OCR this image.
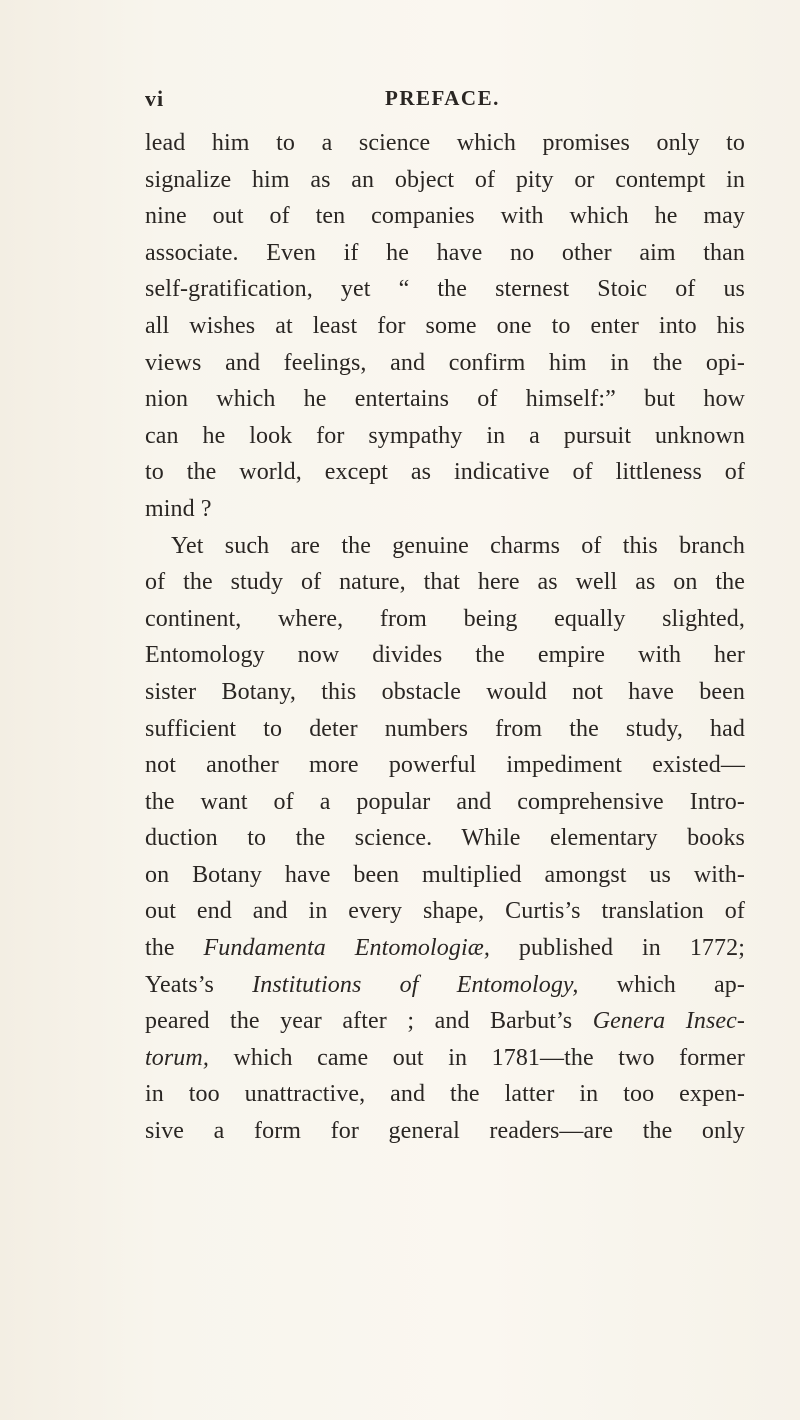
vi	PREFACE.
lead him to a science which promises only to
signalize him as an object of pity or contempt in
nine out of ten companies with which he may
associate. Even if he have no other aim than
self-gratification, yet “ the sternest Stoic of us
all wishes at least for some one to enter into his
views and feelings, and confirm him in the opi-
nion which he entertains of himself:” but how
can he look for sympathy in a pursuit unknown
to the world, except as indicative of littleness of
mind ?
Yet such are the genuine charms of this branch
of the study of nature, that here as well as on the
continent, where, from being equally slighted,
Entomology now divides the empire with her
sister Botany, this obstacle would not have been
sufficient to deter numbers from the study, had
not another more powerful impediment existed—
the want of a popular and comprehensive Intro-
duction to the science. While elementary books
on Botany have been multiplied amongst us with-
out end and in every shape, Curtis’s translation of
the Fundamenta Entomologiæ, published in 1772;
Yeats’s Institutions of Entomology, which ap-
peared the year after ; and Barbut’s Genera Insec-
torum, which came out in 1781—the two former
in too unattractive, and the latter in too expen-
sive a form for general readers—are the only
